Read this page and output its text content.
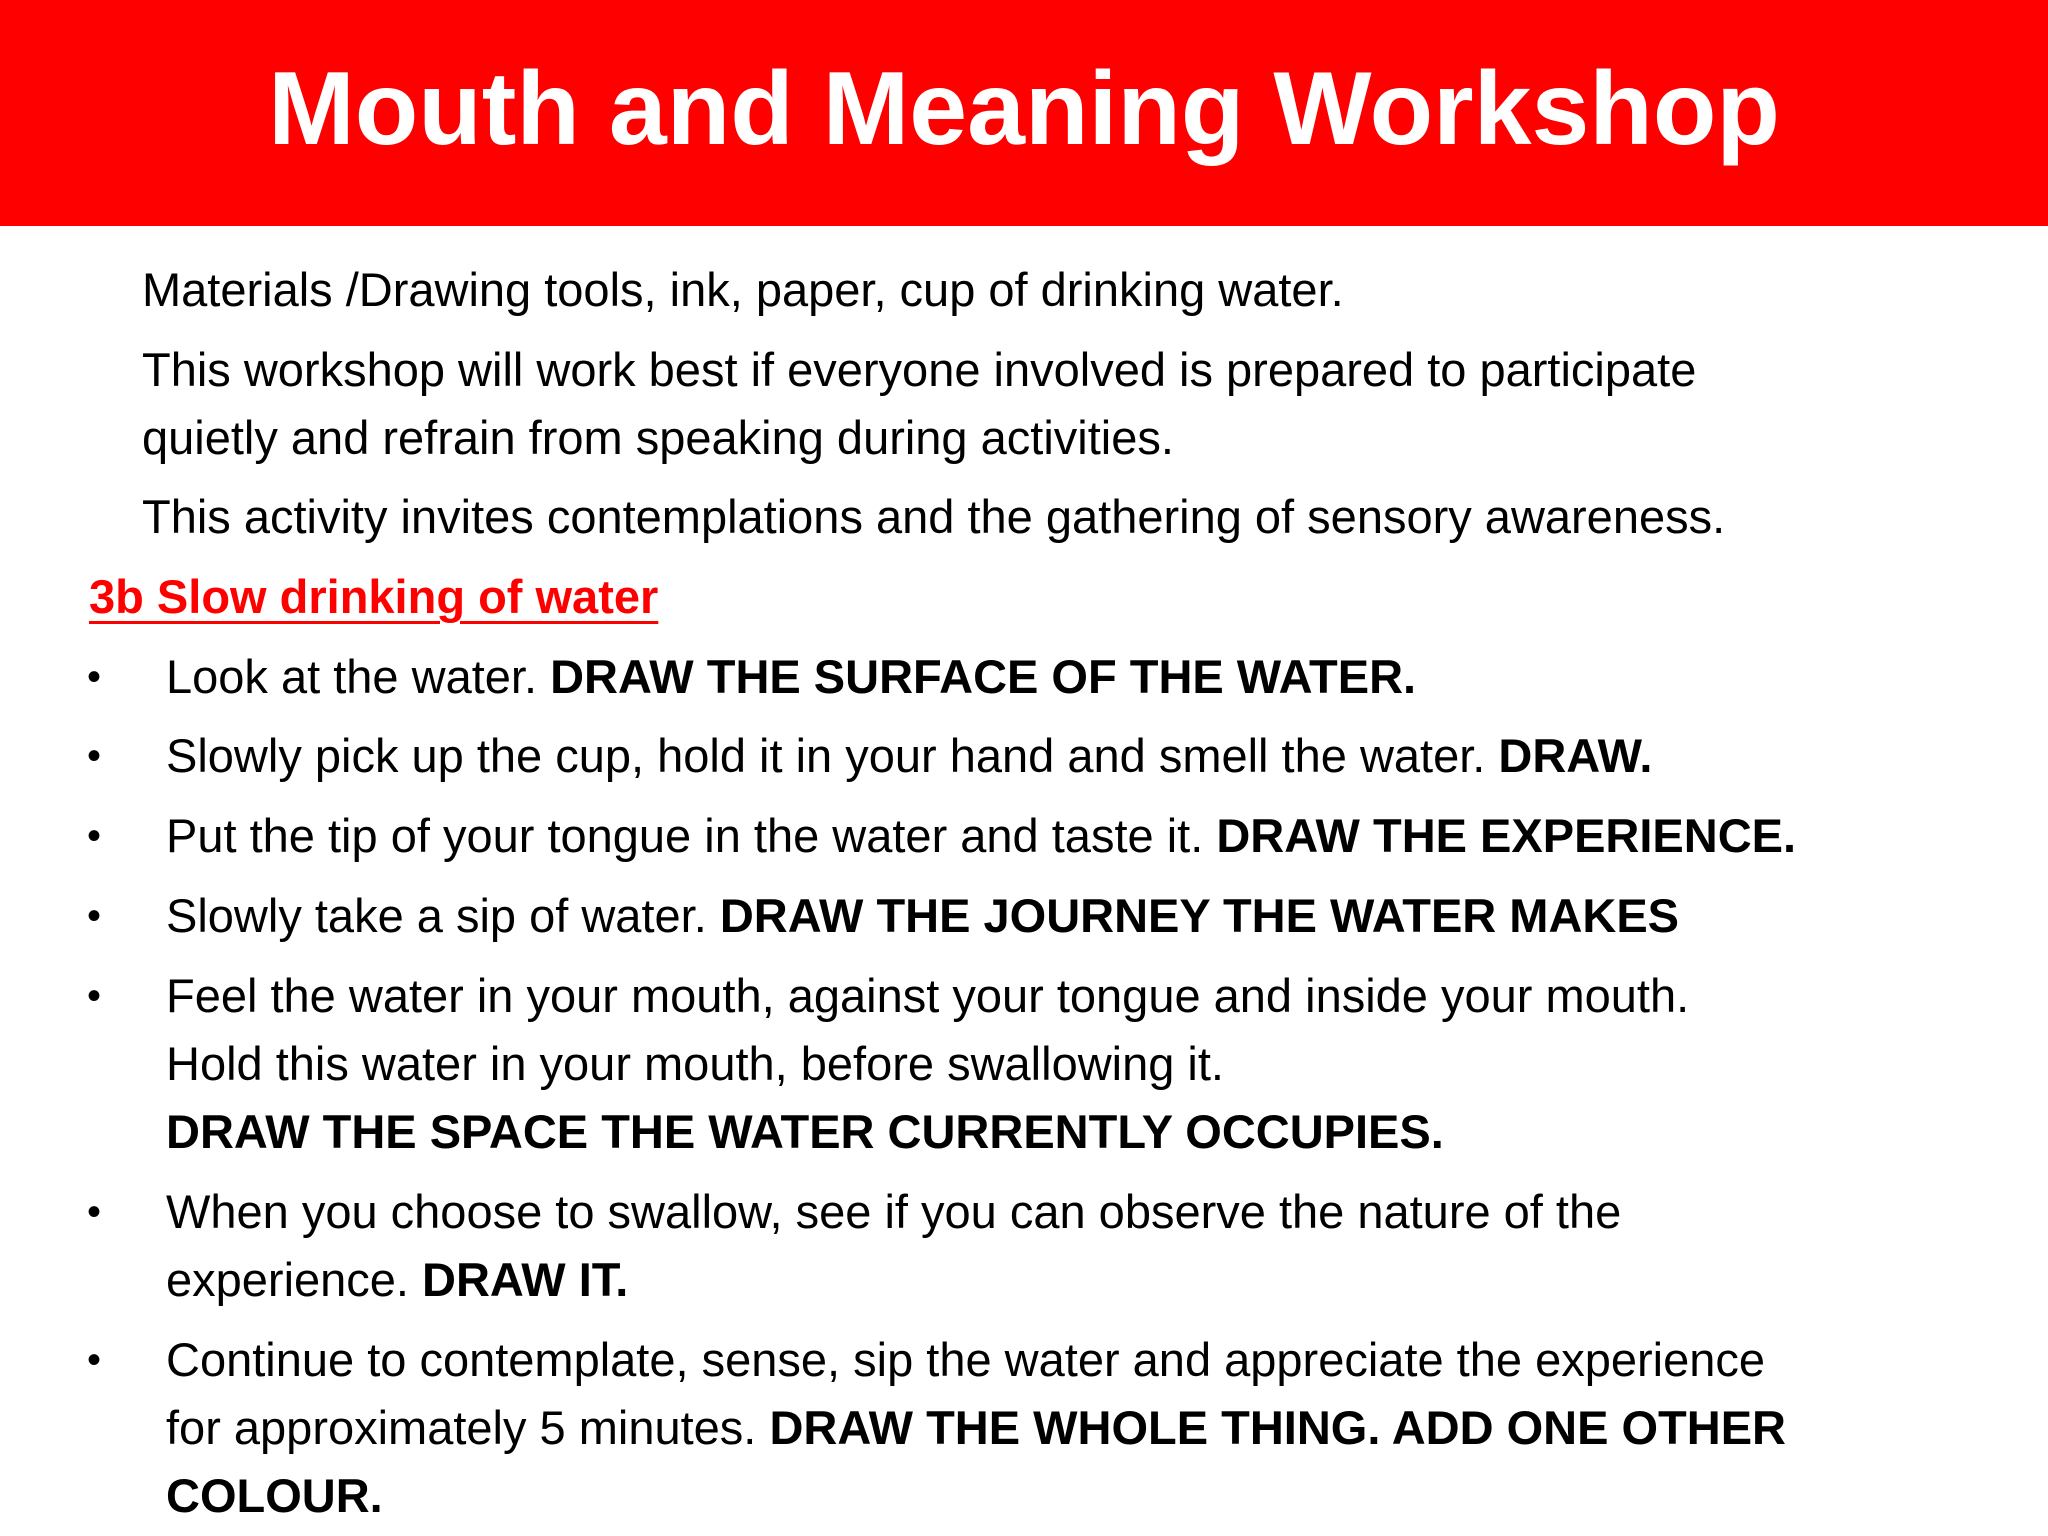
Mouth and Meaning Workshop
Materials /Drawing tools, ink, paper, cup of drinking water.
This workshop will work best if everyone involved is prepared to participate
quietly and refrain from speaking during activities.
This activity invites contemplations and the gathering of sensory awareness.
3b Slow drinking of water
• Look at the water. DRAW THE SURFACE OF THE WATER.
• Slowly pick up the cup, hold it in your hand and smell the water. DRAW.
• Put the tip of your tongue in the water and taste it. DRAW THE EXPERIENCE.
• Slowly take a sip of water. DRAW THE JOURNEY THE WATER MAKES
• Feel the water in your mouth, against your tongue and inside your mouth.
Hold this water in your mouth, before swallowing it.
DRAW THE SPACE THE WATER CURRENTLY OCCUPIES.
• When you choose to swallow, see if you can observe the nature of the
experience. DRAW IT.
• Continue to contemplate, sense, sip the water and appreciate the experience
for approximately 5 minutes. DRAW THE WHOLE THING. ADD ONE OTHER
COLOUR.
